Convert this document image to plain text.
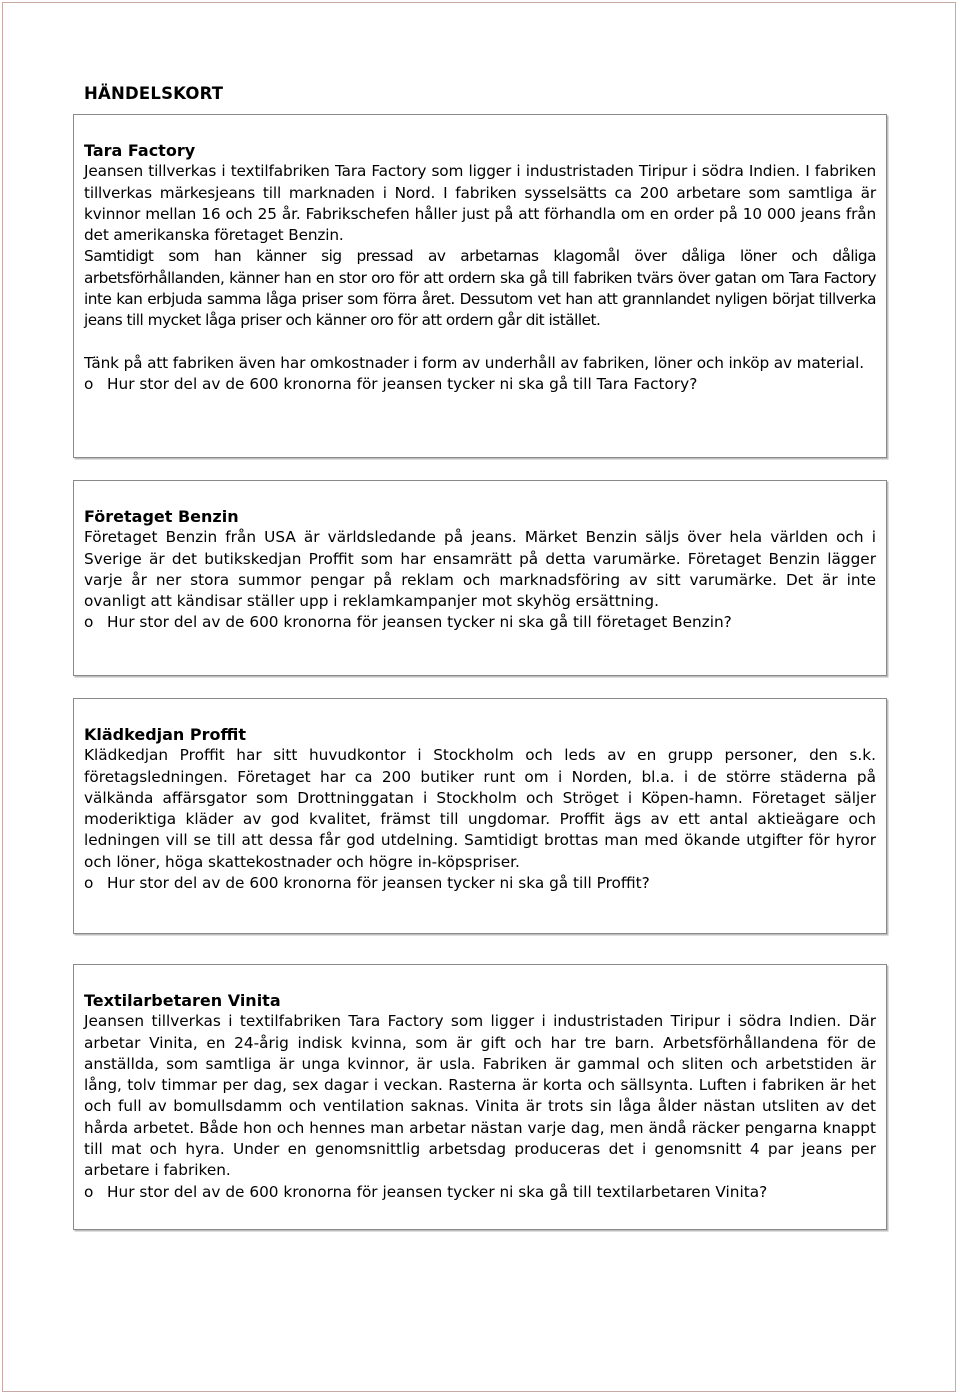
HÄNDELSKORT
Tara Factory

Jeansen tillverkas i textilfabriken Tara Factory som ligger i industristaden Tiripur i södra Indien. I fabriken tillverkas märkesjeans till marknaden i Nord. I fabriken sysselsätts ca 200 arbetare som samtliga är kvinnor mellan 16 och 25 år. Fabrikschefen håller just på att förhandla om en order på 10 000 jeans från det amerikanska företaget Benzin.

Samtidigt som han känner sig pressad av arbetarnas klagomål över dåliga löner och dåliga arbetsförhållanden, känner han en stor oro för att ordern ska gå till fabriken tvärs över gatan om Tara Factory inte kan erbjuda samma låga priser som förra året. Dessutom vet han att grannlandet nyligen börjat tillverka jeans till mycket låga priser och känner oro för att ordern går dit istället.

Tänk på att fabriken även har omkostnader i form av underhåll av fabriken, löner och inköp av material.

o Hur stor del av de 600 kronorna för jeansen tycker ni ska gå till Tara Factory?

Företaget Benzin

Företaget Benzin från USA är världsledande på jeans. Märket Benzin säljs över hela världen och i Sverige är det butikskedjan Proffit som har ensamrätt på detta varumärke. Företaget Benzin lägger varje år ner stora summor pengar på reklam och marknadsföring av sitt varumärke. Det är inte ovanligt att kändisar ställer upp i reklamkampanjer mot skyhög ersättning.

o Hur stor del av de 600 kronorna för jeansen tycker ni ska gå till företaget Benzin?

Klädkedjan Proffit

Klädkedjan Proffit har sitt huvudkontor i Stockholm och leds av en grupp personer, den s.k. företagsledningen. Företaget har ca 200 butiker runt om i Norden, bl.a. i de större städerna på välkända affärsgator som Drottninggatan i Stockholm och Ströget i Köpen-hamn. Företaget säljer moderiktiga kläder av god kvalitet, främst till ungdomar. Proffit ägs av ett antal aktieägare och ledningen vill se till att dessa får god utdelning. Samtidigt brottas man med ökande utgifter för hyror och löner, höga skattekostnader och högre in-köpspriser.

o Hur stor del av de 600 kronorna för jeansen tycker ni ska gå till Proffit?

Textilarbetaren Vinita

Jeansen tillverkas i textilfabriken Tara Factory som ligger i industristaden Tiripur i södra Indien. Där arbetar Vinita, en 24-årig indisk kvinna, som är gift och har tre barn. Arbetsförhållandena för de anställda, som samtliga är unga kvinnor, är usla. Fabriken är gammal och sliten och arbetstiden är lång, tolv timmar per dag, sex dagar i veckan. Rasterna är korta och sällsynta. Luften i fabriken är het och full av bomullsdamm och ventilation saknas. Vinita är trots sin låga ålder nästan utsliten av det hårda arbetet. Både hon och hennes man arbetar nästan varje dag, men ändå räcker pengarna knappt till mat och hyra. Under en genomsnittlig arbetsdag produceras det i genomsnitt 4 par jeans per arbetare i fabriken.

o Hur stor del av de 600 kronorna för jeansen tycker ni ska gå till textilarbetaren Vinita?
